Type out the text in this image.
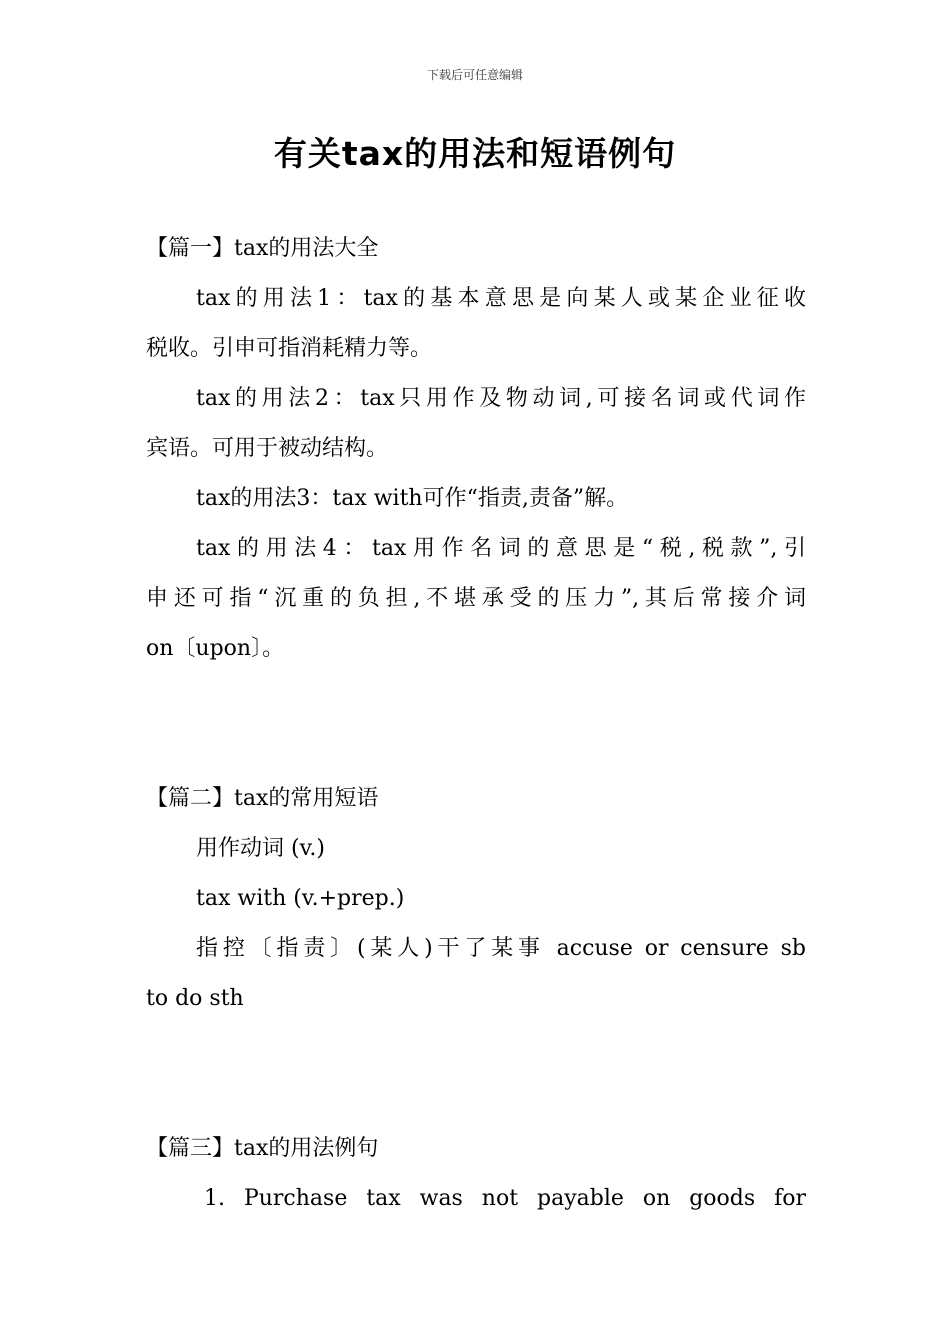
下载后可任意编辑
有关tax的用法和短语例句
【篇一】tax的用法大全
tax的用法1：tax的基本意思是向某人或某企业征收
税收。引申可指消耗精力等。
tax的用法2：tax只用作及物动词,可接名词或代词作
宾语。可用于被动结构。
tax的用法3：tax with可作“指责,责备”解。
tax的用法4：tax用作名词的意思是“税,税款”,引
申还可指“沉重的负担,不堪承受的压力”,其后常接介词
on〔upon〕。
【篇二】tax的常用短语
用作动词 (v.)
tax with (v.+prep.)
指控〔指责〕(某人)干了某事 accuse or censure sb
to do sth
【篇三】tax的用法例句
1. Purchase tax was not payable on goods for
